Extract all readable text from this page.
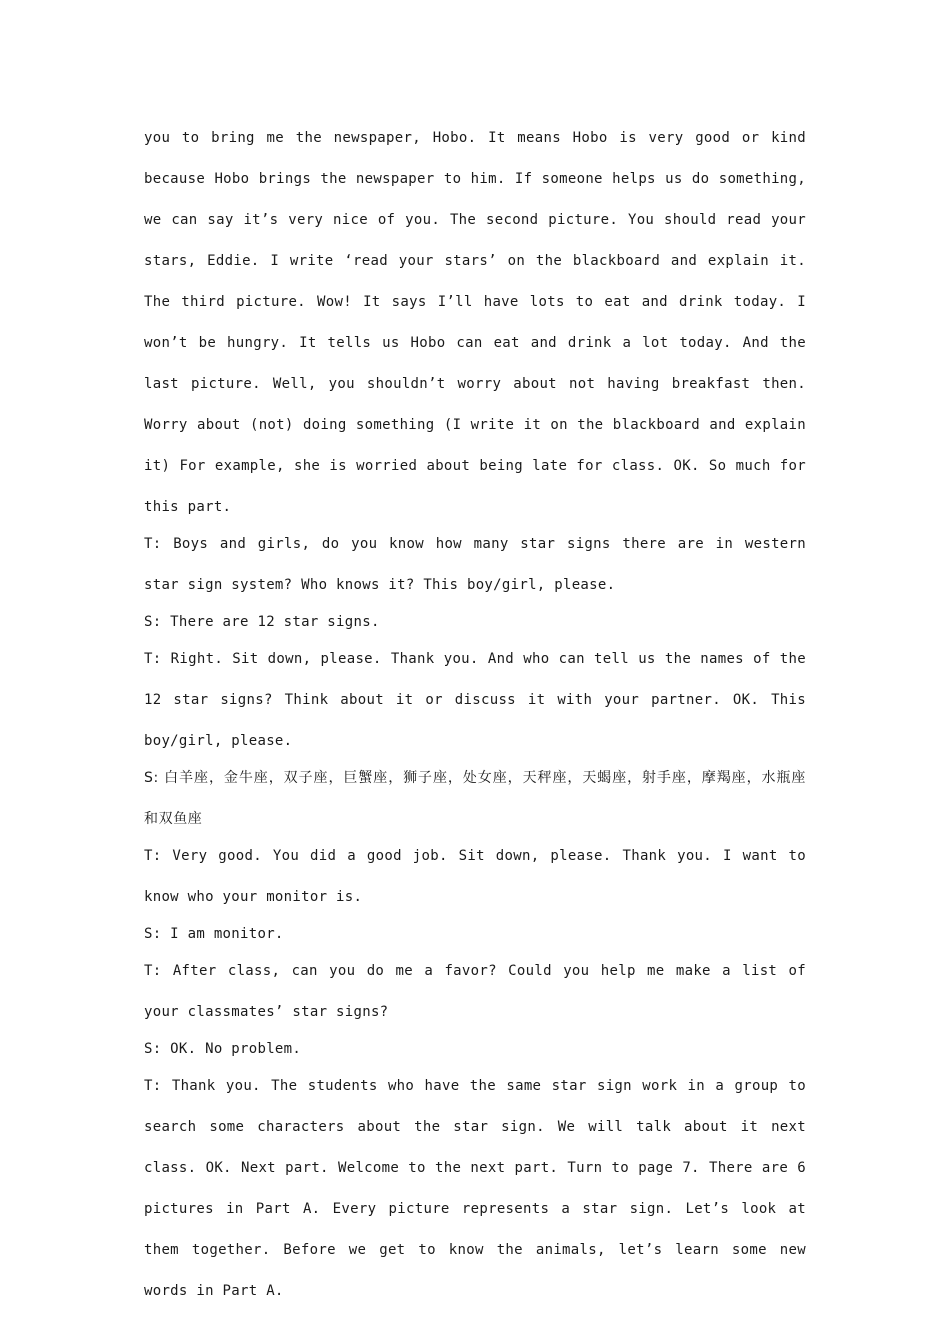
you to bring me the newspaper, Hobo. It means Hobo is very good or kind because Hobo brings the newspaper to him. If someone helps us do something, we can say it’s very nice of you. The second picture. You should read your stars, Eddie. I write ‘read your stars’ on the blackboard and explain it. The third picture. Wow! It says I’ll have lots to eat and drink today. I won’t be hungry. It tells us Hobo can eat and drink a lot today. And the last picture. Well, you shouldn’t worry about not having breakfast then. Worry about (not) doing something (I write it on the blackboard and explain it) For example, she is worried about being late for class. OK. So much for this part.

T: Boys and girls, do you know how many star signs there are in western star sign system? Who knows it? This boy/girl, please.

S: There are 12 star signs.

T: Right. Sit down, please. Thank you. And who can tell us the names of the 12 star signs? Think about it or discuss it with your partner. OK. This boy/girl, please.

S: 白羊座，金牛座，双子座，巨蟹座，狮子座，处女座，天秤座，天蝎座，射手座，摩羯座，水瓶座和双鱼座

T: Very good. You did a good job. Sit down, please. Thank you. I want to know who your monitor is.

S: I am monitor.

T: After class, can you do me a favor? Could you help me make a list of your classmates’ star signs?

S: OK. No problem.

T: Thank you. The students who have the same star sign work in a group to search some characters about the star sign. We will talk about it next class. OK. Next part. Welcome to the next part. Turn to page 7. There are 6 pictures in Part A. Every picture represents a star sign. Let’s look at them together. Before we get to know the animals, let’s learn some new words in Part A.
